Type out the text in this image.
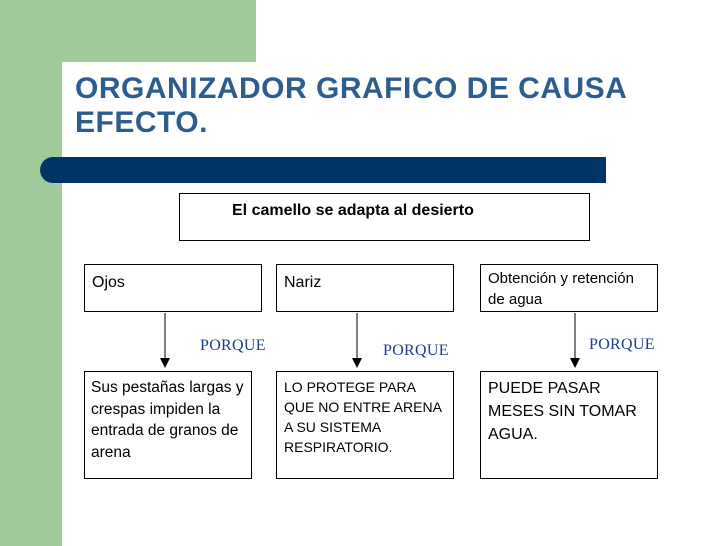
ORGANIZADOR GRAFICO DE CAUSA EFECTO.
El camello se adapta al desierto
Ojos	Nariz	Obtención y retención de agua
PORQUE	PORQUE	PORQUE
Sus pestañas largas y crespas impiden la entrada de granos de arena
LO PROTEGE PARA QUE NO ENTRE ARENA A SU SISTEMA RESPIRATORIO.
PUEDE PASAR MESES SIN TOMAR AGUA.
